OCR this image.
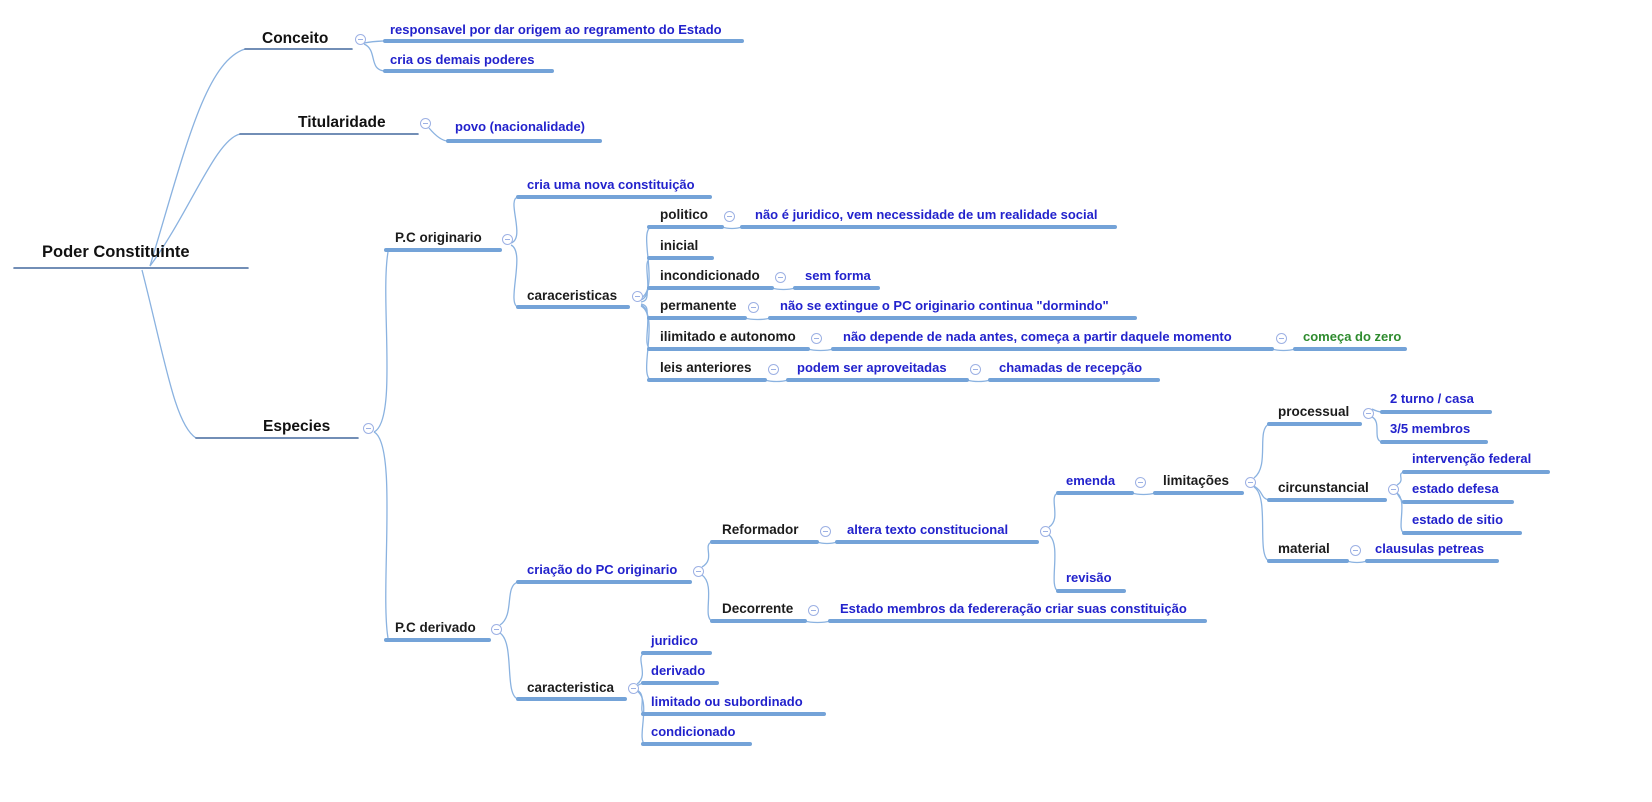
Poder Constituinte
Conceito
responsavel por dar origem ao regramento do Estado
cria os demais poderes
Titularidade	povo (nacionalidade)
Especies
P.C originario
cria uma nova constituição
caraceristicas
politico	não é juridico, vem necessidade de um realidade social
inicial
incondicionado	sem forma
permanente	não se extingue o PC originario continua "dormindo"
ilimitado e autonomo	não depende de nada antes, começa a partir daquele momento	começa do zero
leis anteriores	podem ser aproveitadas	chamadas de recepção
P.C derivado
criação do PC originario
Reformador	altera texto constitucional
emenda	limitações
processual
2 turno / casa
3/5 membros
circunstancial
intervenção federal
estado defesa
estado de sitio
material	clausulas petreas
revisão
Decorrente	Estado membros da federeração criar suas constituição
caracteristica
juridico
derivado
limitado ou subordinado
condicionado
